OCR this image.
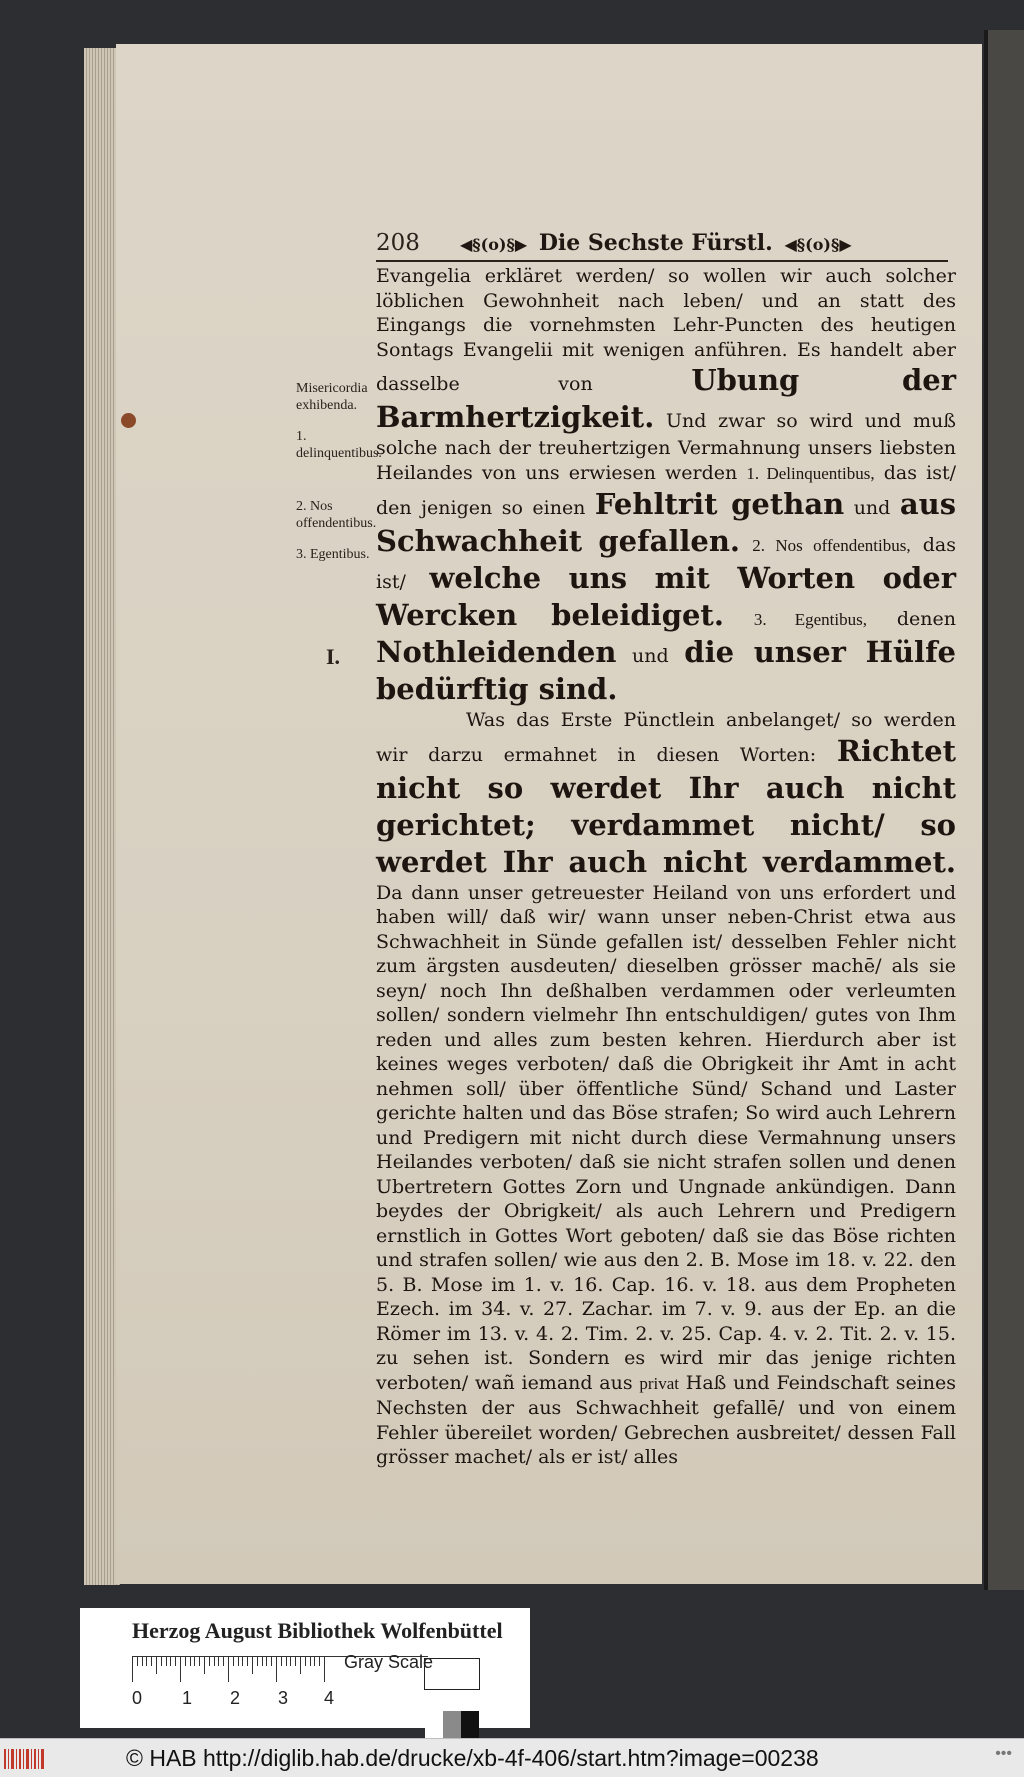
208	◀§(o)§▶ Die Sechste Fürstl. ◀§(o)§▶

Misericordia exhibenda.

1. delinquentibus.

2. Nos offendentibus.

3. Egentibus.

I.

Evangelia erkläret werden/ so wollen wir auch solcher löblichen Gewohnheit nach leben/ und an statt des Eingangs die vornehmsten Lehr-Puncten des heutigen Sontags Evangelii mit wenigen anführen. Es handelt aber dasselbe von Ubung der Barmhertzigkeit. Und zwar so wird und muß solche nach der treuhertzigen Vermahnung unsers liebsten Heilandes von uns erwiesen werden 1. Delinquentibus, das ist/ den jenigen so einen Fehltrit gethan und aus Schwachheit gefallen. 2. Nos offendentibus, das ist/ welche uns mit Worten oder Wercken beleidiget. 3. Egentibus, denen Nothleidenden und die unser Hülfe bedürftig sind.

Was das Erste Pünctlein anbelanget/ so werden wir darzu ermahnet in diesen Worten: Richtet nicht so werdet Ihr auch nicht gerichtet; verdammet nicht/ so werdet Ihr auch nicht verdammet. Da dann unser getreuester Heiland von uns erfordert und haben will/ daß wir/ wann unser neben-Christ etwa aus Schwachheit in Sünde gefallen ist/ desselben Fehler nicht zum ärgsten ausdeuten/ dieselben grösser machē/ als sie seyn/ noch Ihn deßhalben verdammen oder verleumten sollen/ sondern vielmehr Ihn entschuldigen/ gutes von Ihm reden und alles zum besten kehren. Hierdurch aber ist keines weges verboten/ daß die Obrigkeit ihr Amt in acht nehmen soll/ über öffentliche Sünd/ Schand und Laster gerichte halten und das Böse strafen; So wird auch Lehrern und Predigern mit nicht durch diese Vermahnung unsers Heilandes verboten/ daß sie nicht strafen sollen und denen Ubertretern Gottes Zorn und Ungnade ankündigen. Dann beydes der Obrigkeit/ als auch Lehrern und Predigern ernstlich in Gottes Wort geboten/ daß sie das Böse richten und strafen sollen/ wie aus den 2. B. Mose im 18. v. 22. den 5. B. Mose im 1. v. 16. Cap. 16. v. 18. aus dem Propheten Ezech. im 34. v. 27. Zachar. im 7. v. 9. aus der Ep. an die Römer im 13. v. 4. 2. Tim. 2. v. 25. Cap. 4. v. 2. Tit. 2. v. 15. zu sehen ist. Sondern es wird mir das jenige richten verboten/ wañ iemand aus privat Haß und Feindschaft seines Nechsten der aus Schwachheit gefallē/ und von einem Fehler übereilet worden/ Gebrechen ausbreitet/ dessen Fall grösser machet/ als er ist/ alles

Herzog August Bibliothek Wolfenbüttel
0 1 2 3 4
Gray Scale
© HAB http://diglib.hab.de/drucke/xb-4f-406/start.htm?image=00238	•••
